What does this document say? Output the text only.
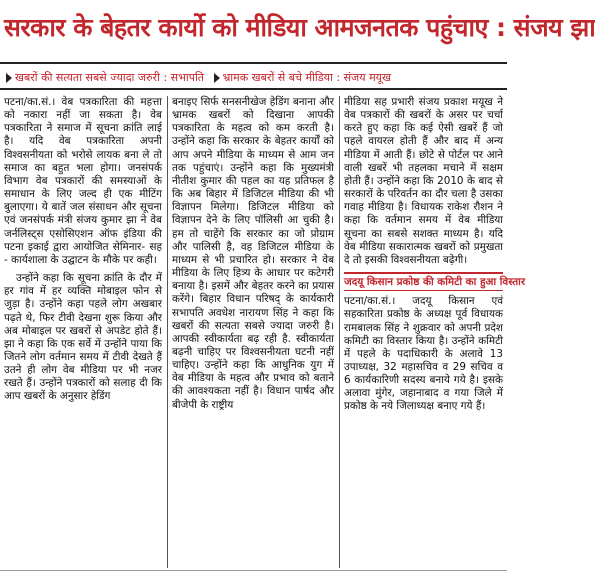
सरकार के बेहतर कार्यो को मीडिया आमजनतक पहुंचाए : संजय झा
खबरों की सत्यता सबसे ज्यादा जरुरी : सभापति भ्रामक खबरों से बचे मीडिया : संजय मयूख

पटना/का.सं.। वेब पत्रकारिता की महत्ता को नकारा नहीं जा सकता है। वेब पत्रकारिता ने समाज में सूचना क्रांति लाई है। यदि वेब पत्रकारिता अपनी विश्वसनीयता को भरोसे लायक बना ले तो समाज का बहुत भला होगा। जनसंपर्क विभाग वेब पत्रकारों की समस्याओं के समाधान के लिए जल्द ही एक मीटिंग बुलाएगा। ये बातें जल संसाधन और सूचना एवं जनसंपर्क मंत्री संजय कुमार झा ने वेब जर्नलिस्ट्स एसोसिएशन ऑफ इंडिया की पटना इकाई द्वारा आयोजित सेमिनार- सह - कार्यशाला के उद्घाटन के मौके पर कही।

उन्होंने कहा कि सूचना क्रांति के दौर में हर गांव में हर व्यक्ति मोबाइल फोन से जुड़ा है। उन्होंने कहा पहले लोग अखबार पढ़ते थे, फिर टीवी देखना शुरू किया और अब मोबाइल पर खबरों से अपडेट होते हैं। झा ने कहा कि एक सर्वे में उन्होंने पाया कि जितने लोग वर्तमान समय में टीवी देखते हैं उतने ही लोग वेब मीडिया पर भी नजर रखते हैं। उन्होंने पत्रकारों को सलाह दी कि आप खबरों के अनुसार हेडिंग

बनाइए सिर्फ सनसनीखेज हेडिंग बनाना और भ्रामक खबरों को दिखाना आपकी पत्रकारिता के महत्व को कम करती है। उन्होंने कहा कि सरकार के बेहतर कार्यों को आप अपने मीडिया के माध्यम से आम जन तक पहुंचाएं। उन्होंने कहा कि मुख्यमंत्री नीतीश कुमार की पहल का यह प्रतिफल है कि अब बिहार में डिजिटल मीडिया की भी विज्ञापन मिलेगा। डिजिटल मीडिया को विज्ञापन देने के लिए पॉलिसी आ चुकी है। हम तो चाहेंगे कि सरकार का जो प्रोग्राम और पालिसी है, वह डिजिटल मीडिया के माध्यम से भी प्रचारित हो। सरकार ने वेब मीडिया के लिए हित्र्य के आधार पर कटेगरी बनाया है। इसमें और बेहतर करने का प्रयास करेंगे। बिहार विधान परिषद् के कार्यकारी सभापति अवधेश नारायण सिंह ने कहा कि खबरों की सत्यता सबसे ज्यादा जरुरी है। आपकी स्वीकार्यता बढ़ रही है. स्वीकार्यता बढ़नी चाहिए पर विश्वसनीयता घटनी नहीं चाहिए। उन्होंने कहा कि आधुनिक युग में वेब मीडिया के महत्व और प्रभाव को बताने की आवश्यकता नहीं है। विधान पार्षद और बीजेपी के राष्ट्रीय

मीडिया सह प्रभारी संजय प्रकाश मयूख ने वेब पत्रकारों की खबरों के असर पर चर्चा करते हुए कहा कि कई ऐसी खबरें हैं जो पहले वायरल होती हैं और बाद में अन्य मीडिया में आती हैं। छोटे से पोर्टल पर आने वाली खबरें भी तहलका मचाने में सक्षम होती हैं। उन्होंने कहा कि 2010 के बाद से सरकारों के परिवर्तन का दौर चला है उसका गवाह मीडिया है। विधायक राकेश रौशन ने कहा कि वर्तमान समय में वेब मीडिया सूचना का सबसे सशक्त माध्यम है। यदि वेब मीडिया सकारात्मक खबरों को प्रमुखता दे तो इसकी विश्वसनीयता बढ़ेगी।

जदयू किसान प्रकोष्ठ की कमिटी का हुआ विस्तार

पटना/का.सं.। जदयू किसान एवं सहकारिता प्रकोष्ठ के अध्यक्ष पूर्व विधायक रामबालक सिंह ने शुक्रवार को अपनी प्रदेश कमिटी का विस्तार किया है। उन्होंने कमिटी में पहले के पदाधिकारी के अलावे 13 उपाध्यक्ष, 32 महासचिव व 29 सचिव व 6 कार्यकारिणी सदस्य बनाये गये है। इसके अलावा मुंगेर, जहानाबाद व गया जिले में प्रकोष्ठ के नये जिलाध्यक्ष बनाए गये हैं।
